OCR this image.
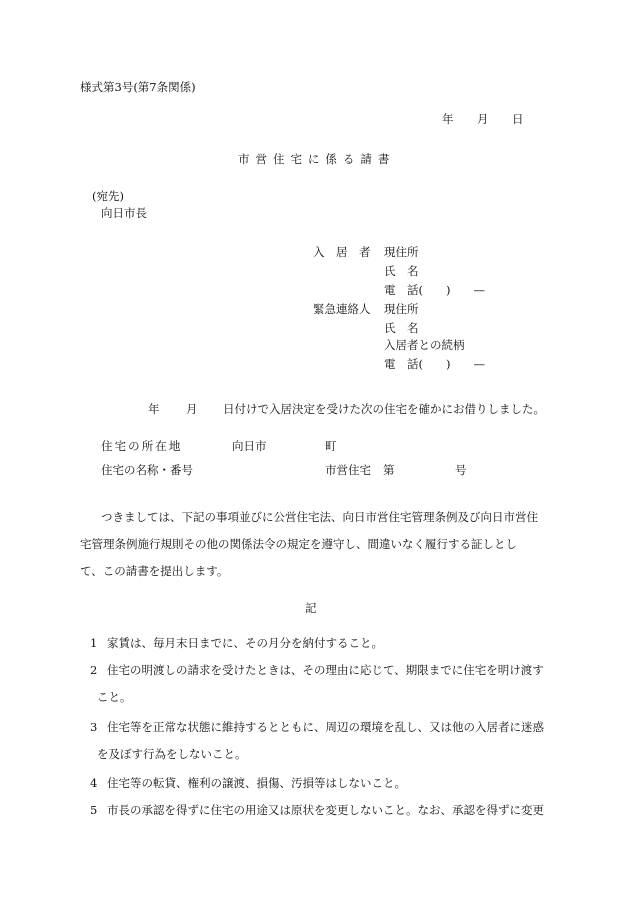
様式第3号(第7条関係)
年 月 日
市営住宅に係る請書
(宛先)
向日市長
入　居　者 現住所
氏　名
電　話(　　)　　—
緊急連絡人 現住所
氏　名
入居者との続柄
電　話(　　)　　—
年 月 日付けで入居決定を受けた次の住宅を確かにお借りしました。
住宅の所在地	向日市	町
住宅の名称・番号	市営住宅 第	号
つきましては、下記の事項並びに公営住宅法、向日市営住宅管理条例及び向日市営住
宅管理条例施行規則その他の関係法令の規定を遵守し、間違いなく履行する証しとし
て、この請書を提出します。
記
1 家賃は、毎月末日までに、その月分を納付すること。
2 住宅の明渡しの請求を受けたときは、その理由に応じて、期限までに住宅を明け渡す
こと。
3 住宅等を正常な状態に維持するとともに、周辺の環境を乱し、又は他の入居者に迷惑
を及ぼす行為をしないこと。
4 住宅等の転貸、権利の譲渡、損傷、汚損等はしないこと。
5 市長の承認を得ずに住宅の用途又は原状を変更しないこと。なお、承認を得ずに変更
